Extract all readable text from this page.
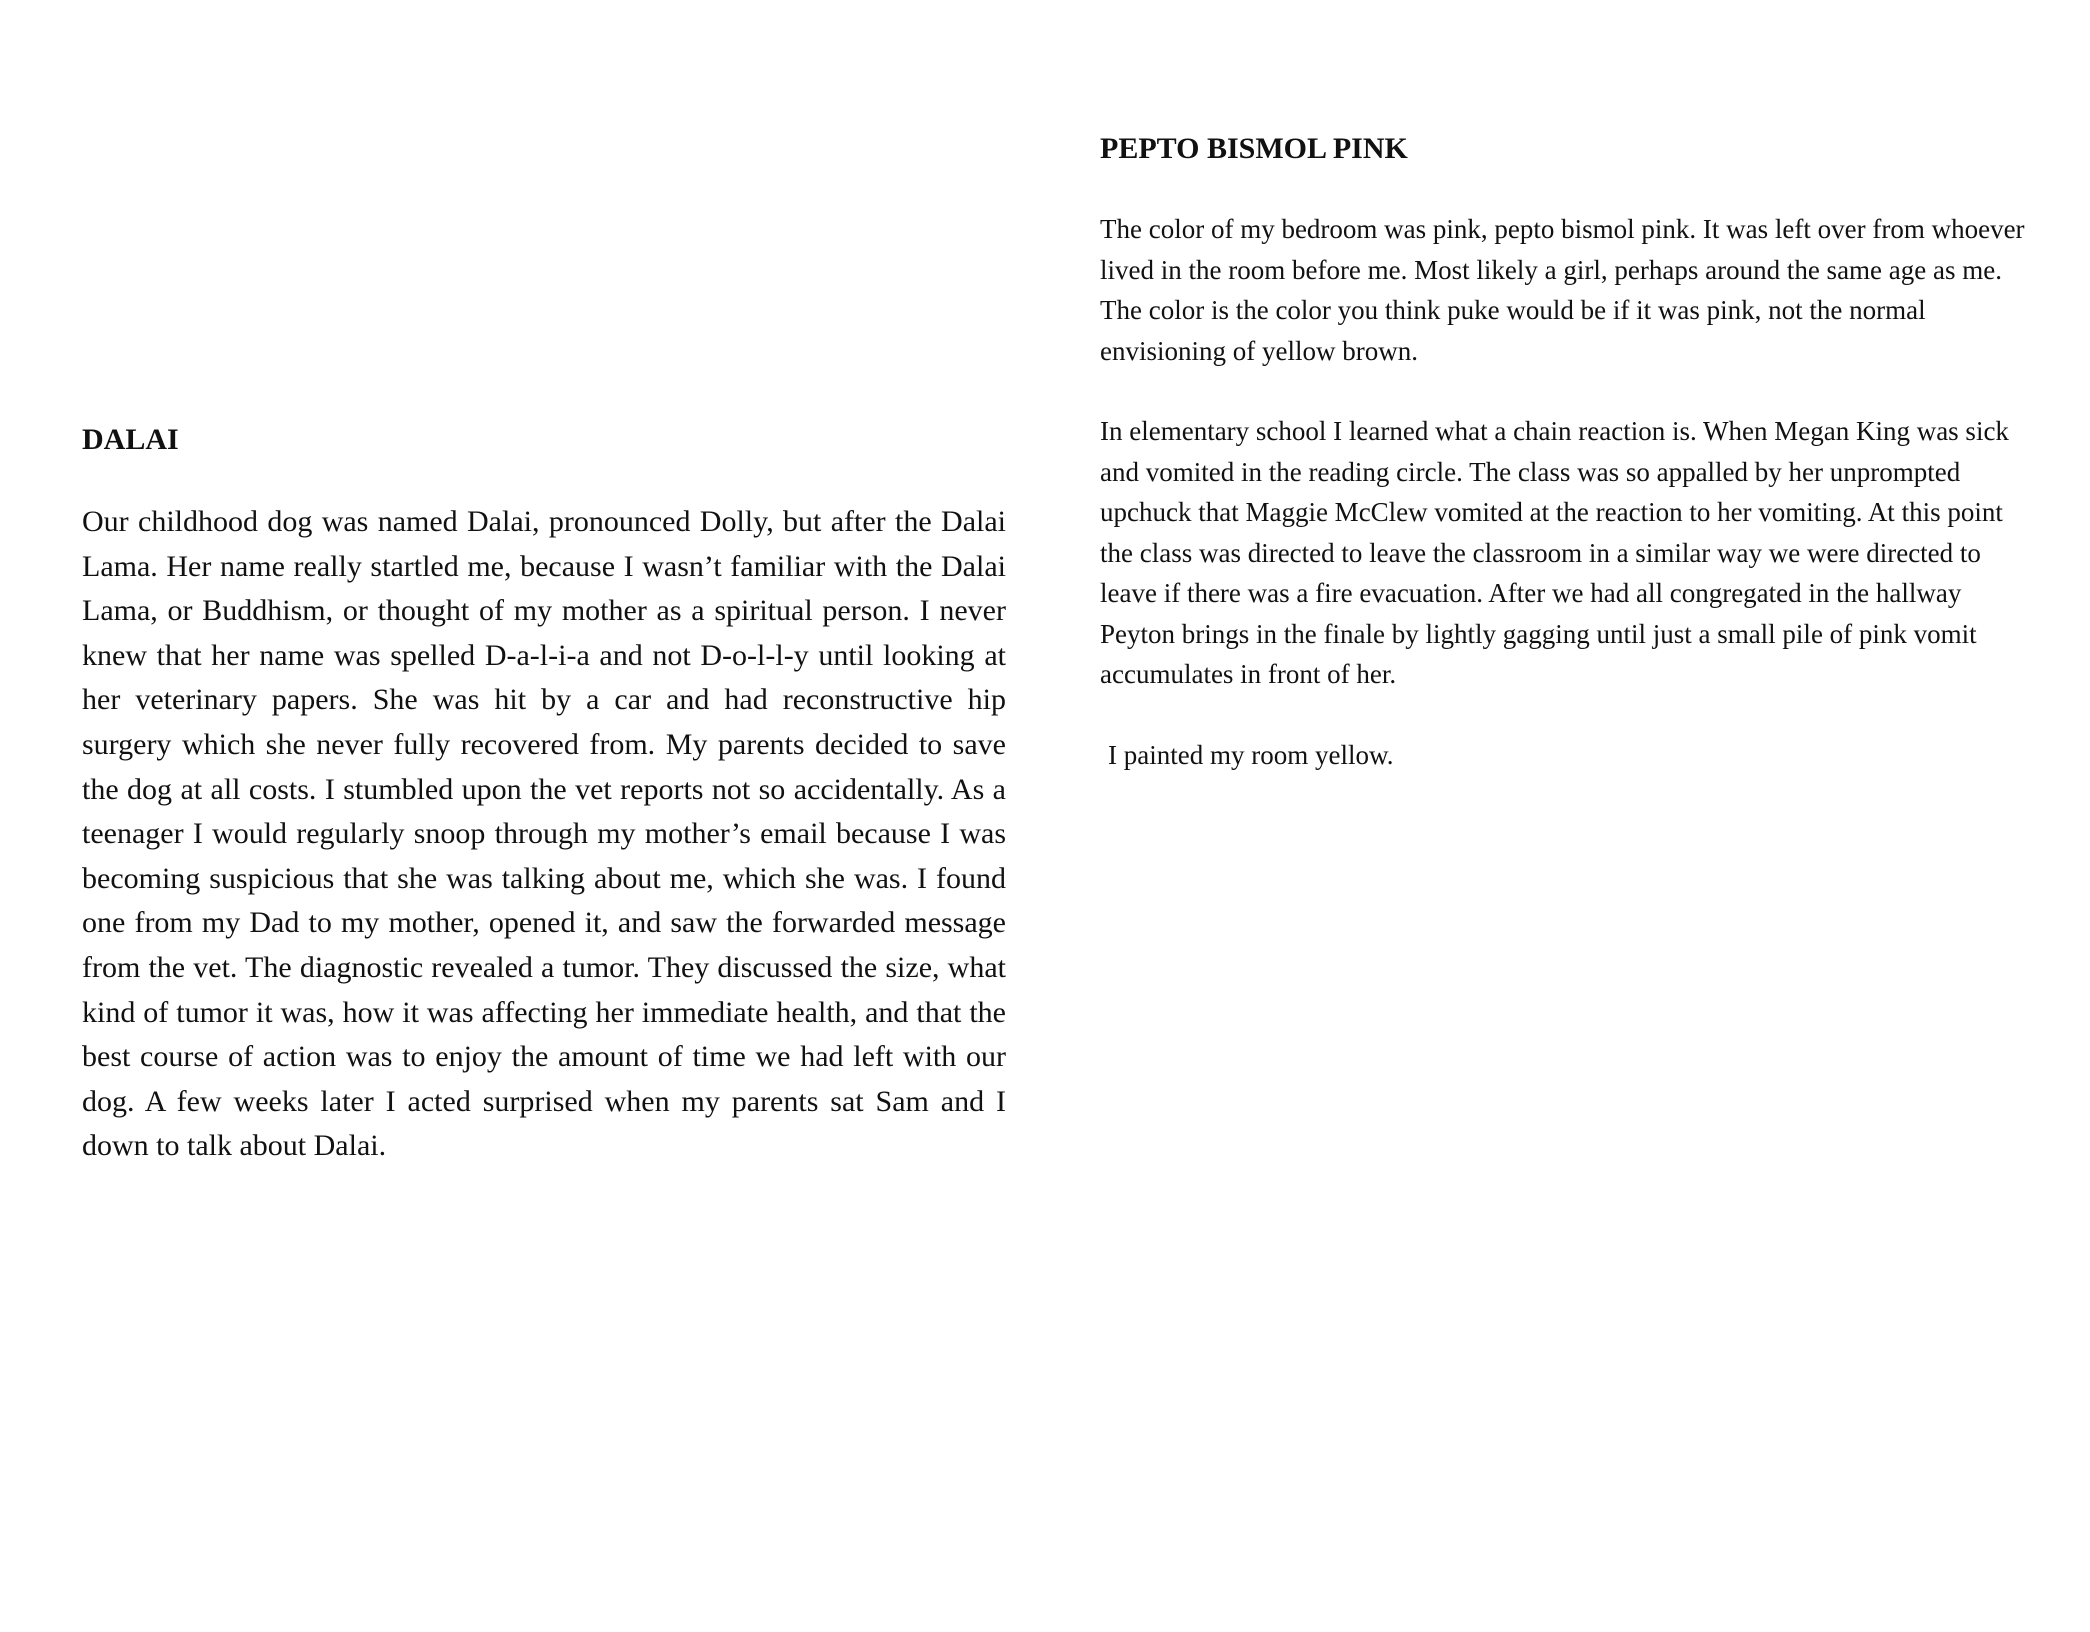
DALAI

Our childhood dog was named Dalai, pronounced Dolly, but after the Dalai Lama. Her name really startled me, because I wasn’t familiar with the Dalai Lama, or Buddhism, or thought of my mother as a spiritual person. I never knew that her name was spelled D-a-l-i-a and not D-o-l-l-y until looking at her veterinary papers. She was hit by a car and had reconstructive hip surgery which she never fully recovered from. My parents decided to save the dog at all costs. I stumbled upon the vet reports not so accidentally. As a teenager I would regularly snoop through my mother’s email because I was becoming suspicious that she was talking about me, which she was. I found one from my Dad to my mother, opened it, and saw the forwarded message from the vet. The diagnostic revealed a tumor. They discussed the size, what kind of tumor it was, how it was affecting her immediate health, and that the best course of action was to enjoy the amount of time we had left with our dog. A few weeks later I acted surprised when my parents sat Sam and I down to talk about Dalai.

PEPTO BISMOL PINK

The color of my bedroom was pink, pepto bismol pink. It was left over from whoever lived in the room before me. Most likely a girl, perhaps around the same age as me. The color is the color you think puke would be if it was pink, not the normal envisioning of yellow brown.

In elementary school I learned what a chain reaction is. When Megan King was sick and vomited in the reading circle. The class was so appalled by her unprompted upchuck that Maggie McClew vomited at the reaction to her vomiting. At this point the class was directed to leave the classroom in a similar way we were directed to leave if there was a fire evacuation. After we had all congregated in the hallway Peyton brings in the finale by lightly gagging until just a small pile of pink vomit accumulates in front of her.

I painted my room yellow.
